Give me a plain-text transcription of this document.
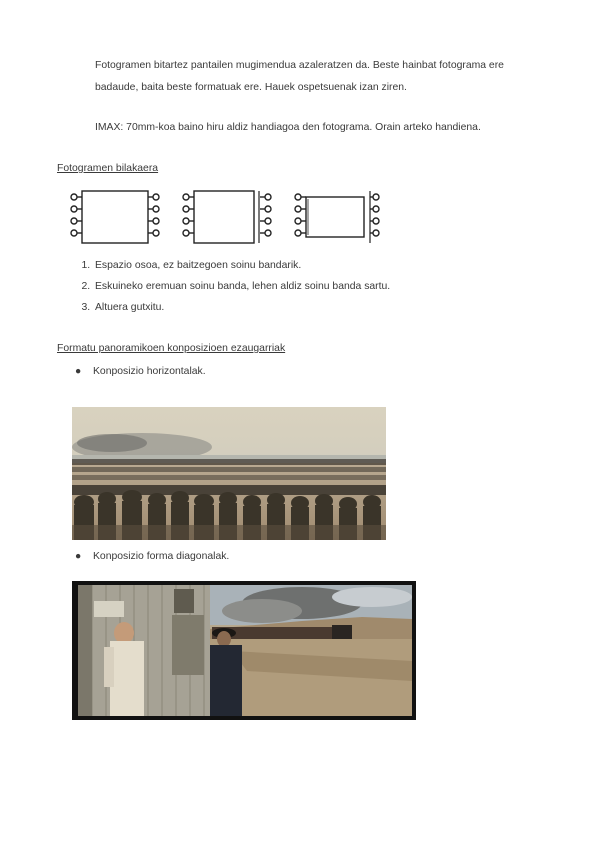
Fotogramen bitartez pantailen mugimendua azaleratzen da. Beste hainbat fotograma ere badaude, baita beste formatuak ere. Hauek ospetsuenak izan ziren.
IMAX: 70mm-koa baino hiru aldiz handiagoa den fotograma. Orain arteko handiena.
Fotogramen bilakaera
1. Espazio osoa, ez baitzegoen soinu bandarik.
2. Eskuineko eremuan soinu banda, lehen aldiz soinu banda sartu.
3. Altuera gutxitu.
Formatu panoramikoen konposizioen ezaugarriak
● Konposizio horizontalak.
● Konposizio forma diagonalak.
